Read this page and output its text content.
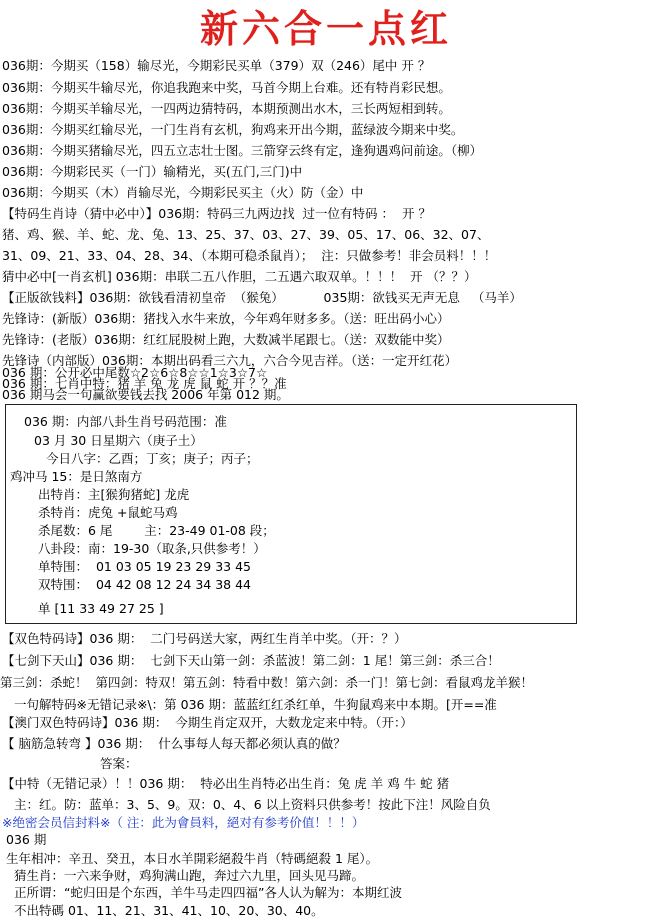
新六合一点红
036期：今期买（158）输尽光，今期彩民买单（379）双（246）尾中 开 ？
036期：今期买牛输尽光，你追我跑来中奖，马首今期上台难。还有特肖彩民想。
036期：今期买羊输尽光，一四两边猜特码，本期预测出水木，三长两短相到转。
036期：今期买红输尽光，一门生肖有玄机，狗鸡来开出今期，蓝绿波今期来中奖。
036期：今期买猪输尽光，四五立志壮士图。三箭穿云终有定，逢狗遇鸡问前途。（柳）
036期：今期彩民买（一门）输精光，买(五门,三门)中
036期：今期买（木）肖输尽光，今期彩民买主（火）防（金）中
【特码生肖诗（猜中必中）】036期：特码三九两边找  过一位有特码 ：  开 ？
猪、鸡、猴、羊、蛇、龙、兔、13、25、37、03、27、39、05、17、06、32、07、
31、09、21、33、04、28、34、（本期可稳杀鼠肖）；  注：只做参考！非会员料！！！
猜中必中[一肖玄机] 036期：串联二五八作胆，二五遇六取双单。！！！  开 （？？）
【正版欲钱料】036期：欲钱看清初皇帝  （猴兔）          035期：欲钱买无声无息   （马羊）
先锋诗：(新版）036期：猪找入水牛来放，今年鸡年财多多。（送：旺出码小心）
先锋诗：(老版）036期：红红屁股树上跑，大数减半尾跟七。（送：双数能中奖）
先锋诗（内部版）036期：本期出码看三六九，六合今见吉祥。（送：一定开红花）
036 期：公开必中尾数☆2☆6☆8☆☆1☆3☆7☆
036 期：七肖中特：猪 羊 兔 龙 虎 鼠 蛇 开 ？？准
036 期马会一句赢欲要钱去找 2006 年第 012 期。
036 期：内部八卦生肖号码范围：准
03 月 30 日星期六（庚子土）
今日八字：乙酉；丁亥；庚子；丙子；
鸡冲马 15：是日煞南方
出特肖：主[猴狗猪蛇] 龙虎
杀特肖：虎兔 +鼠蛇马鸡
杀尾数：6 尾        主：23-49 01-08 段；
八卦段：南：19-30（取条,只供参考！）
单特围：  01 03 05 19 23 29 33 45
双特围：  04 42 08 12 24 34 38 44
单 [11 33 49 27 25 ]
【双色特码诗】036 期：  二门号码送大家，两红生肖羊中奖。（开：？）
【七剑下天山】036 期：  七剑下天山第一剑：杀蓝波！第二剑：1 尾！第三剑：杀三合！
第三剑：杀蛇！  第四剑：特双！第五剑：特看中数！第六剑：杀一门！第七剑：看鼠鸡龙羊猴！
一句解特码※无错记录※\：第 036 期：蓝蓝红红杀红单，牛狗鼠鸡来中本期。[开==准
【澳门双色特码诗】036 期：  今期生肖定双开，大数龙定来中特。（开：）
【 脑筋急转弯 】036 期：  什么事每人每天都必须认真的做？
答案：
【中特（无错记录）！！036 期：  特必出生肖特必出生肖：兔 虎 羊 鸡 牛 蛇 猪
主：红。防：蓝单：3、5、9。双：0、4、6 以上资料只供参考！按此下注！风险自负
※绝密会员信封料※（ 注：此为會員料，絕对有参考价值！！！）
036 期
生年相冲：辛丑、癸丑，本日水羊開彩絕殺牛肖（特碼絕殺 1 尾）。
猜生肖：一六来争财，鸡狗满山跑，奔过六九里，回头见马蹄。
正所谓：“蛇归田是个东西，羊牛马走四四福”各人认为解为：本期红波
不出特碼 01、11、21、31、41、10、20、30、40。
